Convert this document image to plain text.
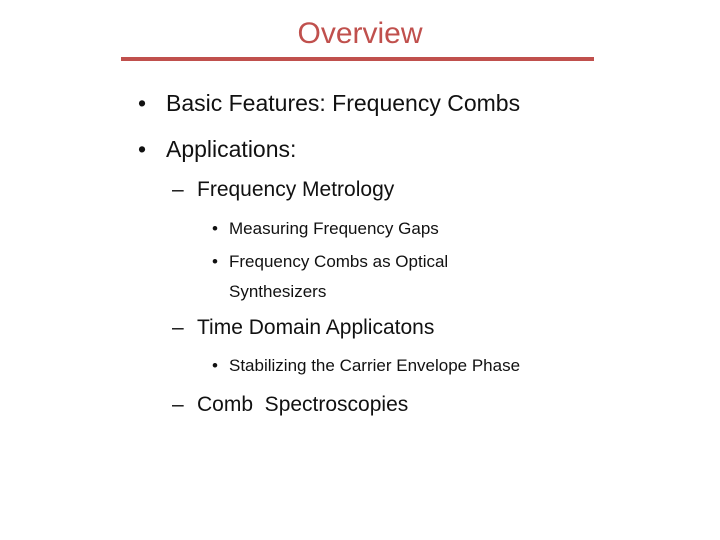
Overview
• Basic Features: Frequency Combs
• Applications:
– Frequency Metrology
• Measuring Frequency Gaps
• Frequency Combs as Optical
Synthesizers
– Time Domain Applicatons
• Stabilizing the Carrier Envelope Phase
– Comb  Spectroscopies
